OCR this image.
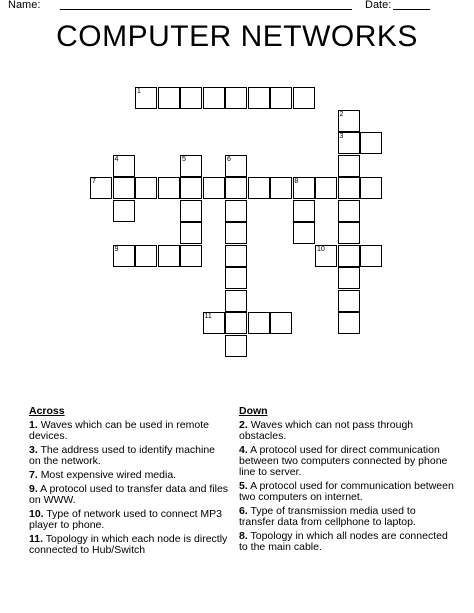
Name:	Date:
COMPUTER NETWORKS
1
2
3
4	5	6
7	8
9	10
11
Across
1. Waves which can be used in remote devices.
3. The address used to identify machine on the network.
7. Most expensive wired media.
9. A protocol used to transfer data and files on WWW.
10. Type of network used to connect MP3 player to phone.
11. Topology in which each node is directly connected to Hub/Switch
Down
2. Waves which can not pass through obstacles.
4. A protocol used for direct communication between two computers connected by phone line to server.
5. A protocol used for communication between two computers on internet.
6. Type of transmission media used to transfer data from cellphone to laptop.
8. Topology in which all nodes are connected to the main cable.
